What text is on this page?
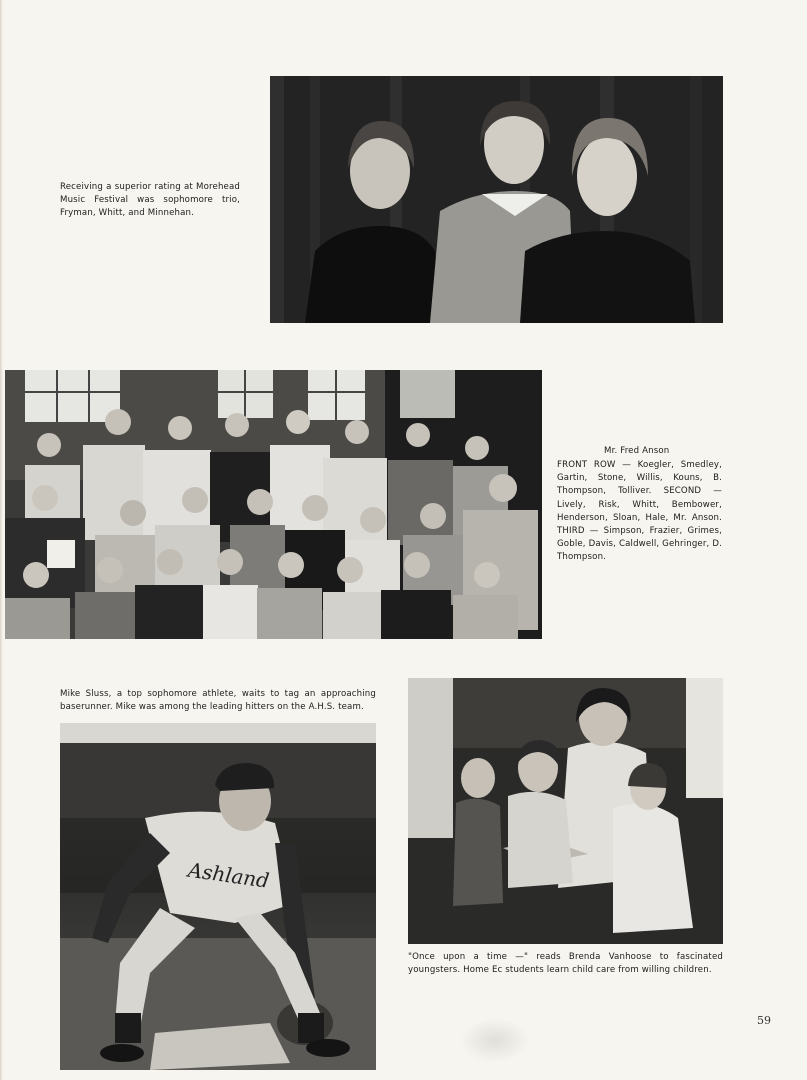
Receiving a superior rating at Morehead Music Festival was sophomore trio, Fryman, Whitt, and Minnehan.
Mr. Fred Anson
FRONT ROW — Koegler, Smedley, Gartin, Stone, Willis, Kouns, B. Thompson, Tolliver. SECOND — Lively, Risk, Whitt, Bembower, Henderson, Sloan, Hale, Mr. Anson. THIRD — Simpson, Frazier, Grimes, Goble, Davis, Caldwell, Gehringer, D. Thompson.
Mike Sluss, a top sophomore athlete, waits to tag an approaching baserunner. Mike was among the leading hitters on the A.H.S. team.
Ashland
"Once upon a time —" reads Brenda Vanhoose to fascinated youngsters. Home Ec students learn child care from willing children.
59
